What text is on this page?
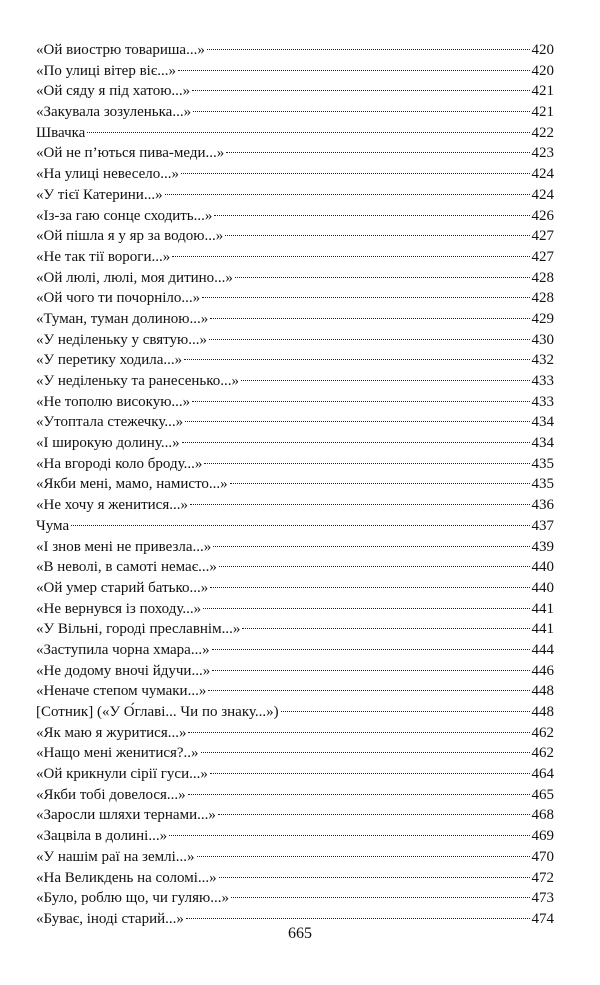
«Ой виострю товариша...»	420
«По улиці вітер віє...»	420
«Ой сяду я під хатою...»	421
«Закувала зозуленька...»	421
Швачка	422
«Ой не п’ються пива-меди...»	423
«На улиці невесело...»	424
«У тієї Катерини...»	424
«Із-за гаю сонце сходить...»	426
«Ой пішла я у яр за водою...»	427
«Не так тії вороги...»	427
«Ой люлі, люлі, моя дитино...»	428
«Ой чого ти почорніло...»	428
«Туман, туман долиною...»	429
«У неділеньку у святую...»	430
«У перетику ходила...»	432
«У неділеньку та ранесенько...»	433
«Не тополю високую...»	433
«Утоптала стежечку...»	434
«І широкую долину...»	434
«На вгороді коло броду...»	435
«Якби мені, мамо, намисто...»	435
«Не хочу я женитися...»	436
Чума	437
«І знов мені не привезла...»	439
«В неволі, в самоті немає...»	440
«Ой умер старий батько...»	440
«Не вернувся із походу...»	441
«У Вільні, городі преславнім...»	441
«Заступила чорна хмара...»	444
«Не додому вночі йдучи...»	446
«Неначе степом чумаки...»	448
[Сотник] («У О́главі... Чи по знаку...»)	448
«Як маю я журитися...»	462
«Нащо мені женитися?..»	462
«Ой крикнули сірії гуси...»	464
«Якби тобі довелося...»	465
«Заросли шляхи тернами...»	468
«Зацвіла в долині...»	469
«У нашім раї на землі...»	470
«На Великдень на соломі...»	472
«Було, роблю що, чи гуляю...»	473
«Буває, іноді старий...»	474
665
